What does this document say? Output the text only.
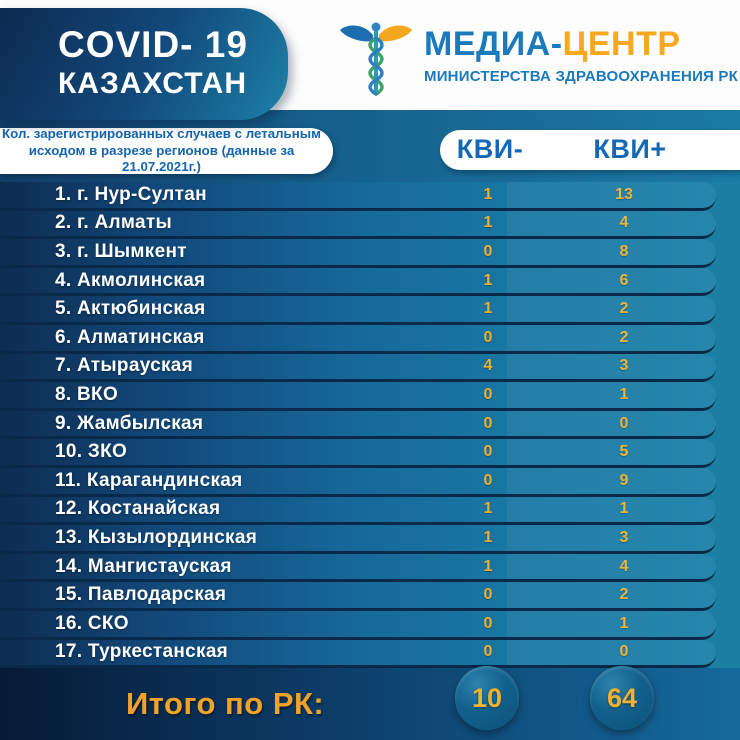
МЕДИА-ЦЕНТР
МИНИСТЕРСТВА ЗДРАВООХРАНЕНИЯ РК
COVID- 19
КАЗАХСТАН
Кол. зарегистрированных случаев с летальным
исходом в разрезе регионов (данные за 21.07.2021г.)
КВИ-	КВИ+
1. г. Нур-Султан	1	13
2. г. Алматы	1	4
3. г. Шымкент	0	8
4. Акмолинская	1	6
5. Актюбинская	1	2
6. Алматинская	0	2
7. Атырауская	4	3
8. ВКО	0	1
9. Жамбылская	0	0
10. ЗКО	0	5
11. Карагандинская	0	9
12. Костанайская	1	1
13. Кызылординская	1	3
14. Мангистауская	1	4
15. Павлодарская	0	2
16. СКО	0	1
17. Туркестанская	0	0
Итого по РК:	10	64
